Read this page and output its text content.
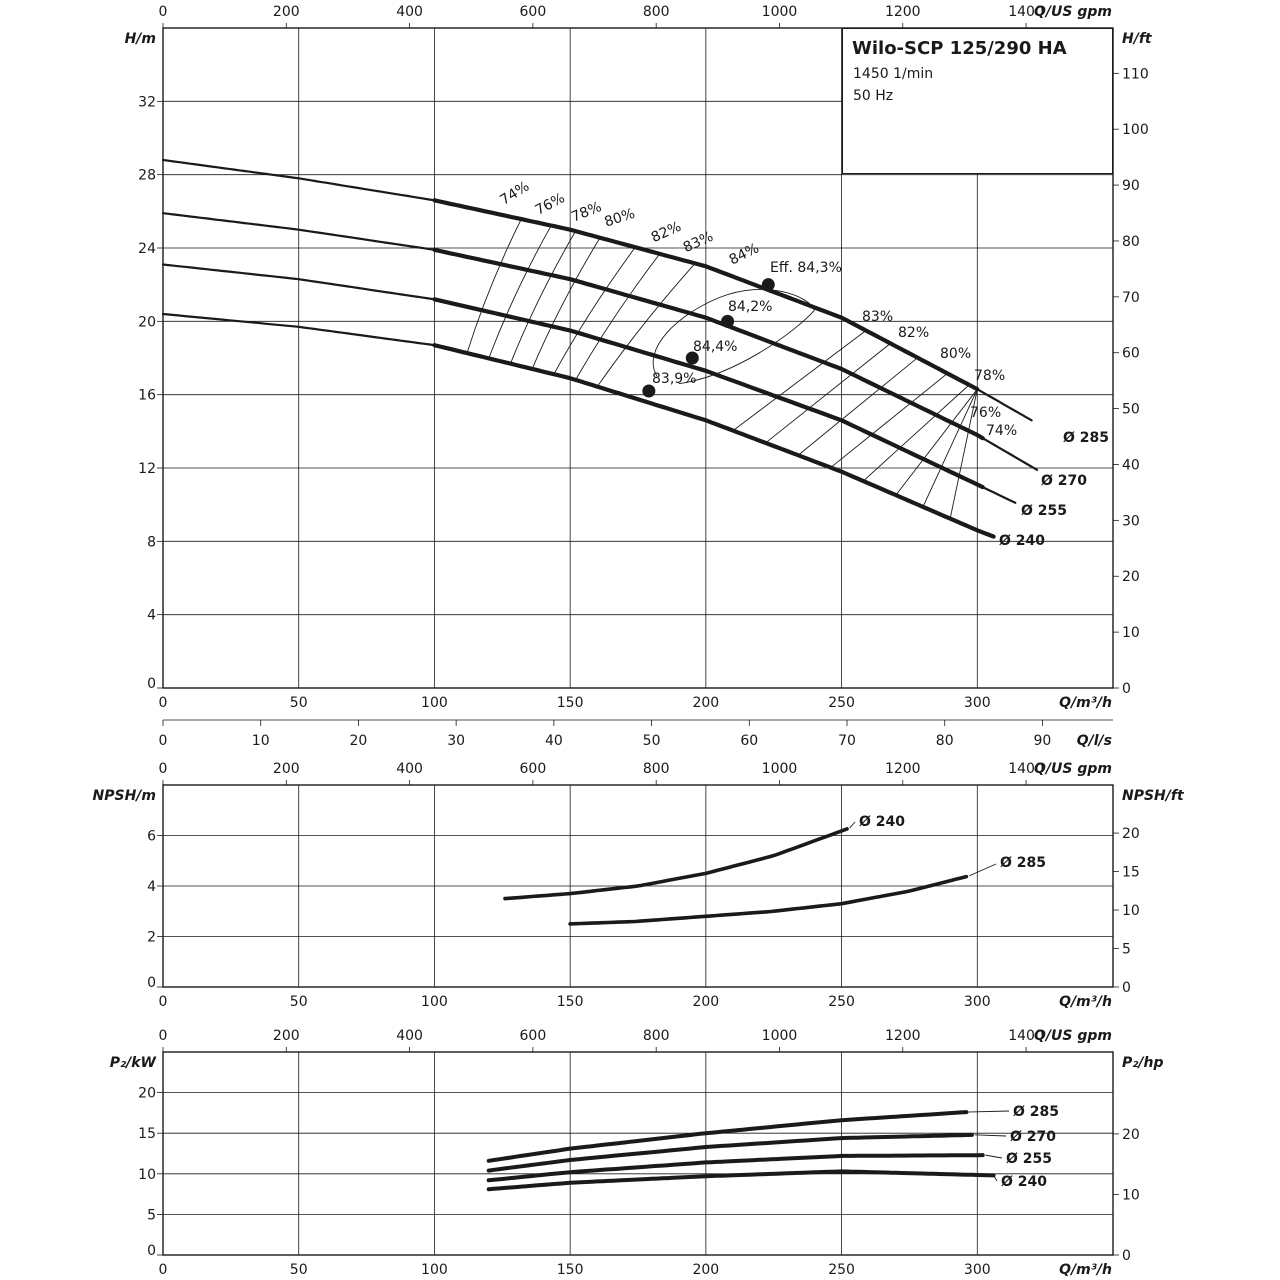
0	50	100	150	200	250	300	Q/m³/h
0
4
8
12
16
20
24
28
32
H/m
0
10
20
30
40
50
60
70
80
90
100
110
H/ft
0	200	400	600	800	1000	1200	1400
Q/US gpm
0	10	20	30	40	50	60	70	80	90 Q/l/s
Ø 285
Ø 270
Ø 255
Ø 240
Eff. 84,3%
84,2%
84,4%
83,9%
74% 76% 78%
80%
82%
83% 84%
83%
82%
80%
78%
76%
74%
0	50	100	150	200	250	300	Q/m³/h
0
2
4
6
NPSH/m
0
5
10
15
20
NPSH/ft
0	200	400	600	800	1000	1200	1400
Q/US gpm
Ø 240
Ø 285
0	50	100	150	200	250	300	Q/m³/h
0
5
10
15
20
P₂/kW
0
10
20
P₂/hp
0	200	400	600	800	1000	1200	1400
Q/US gpm
Ø 285
Ø 270
Ø 255
Ø 240
Wilo-SCP 125/290 HA
1450 1/min
50 Hz
